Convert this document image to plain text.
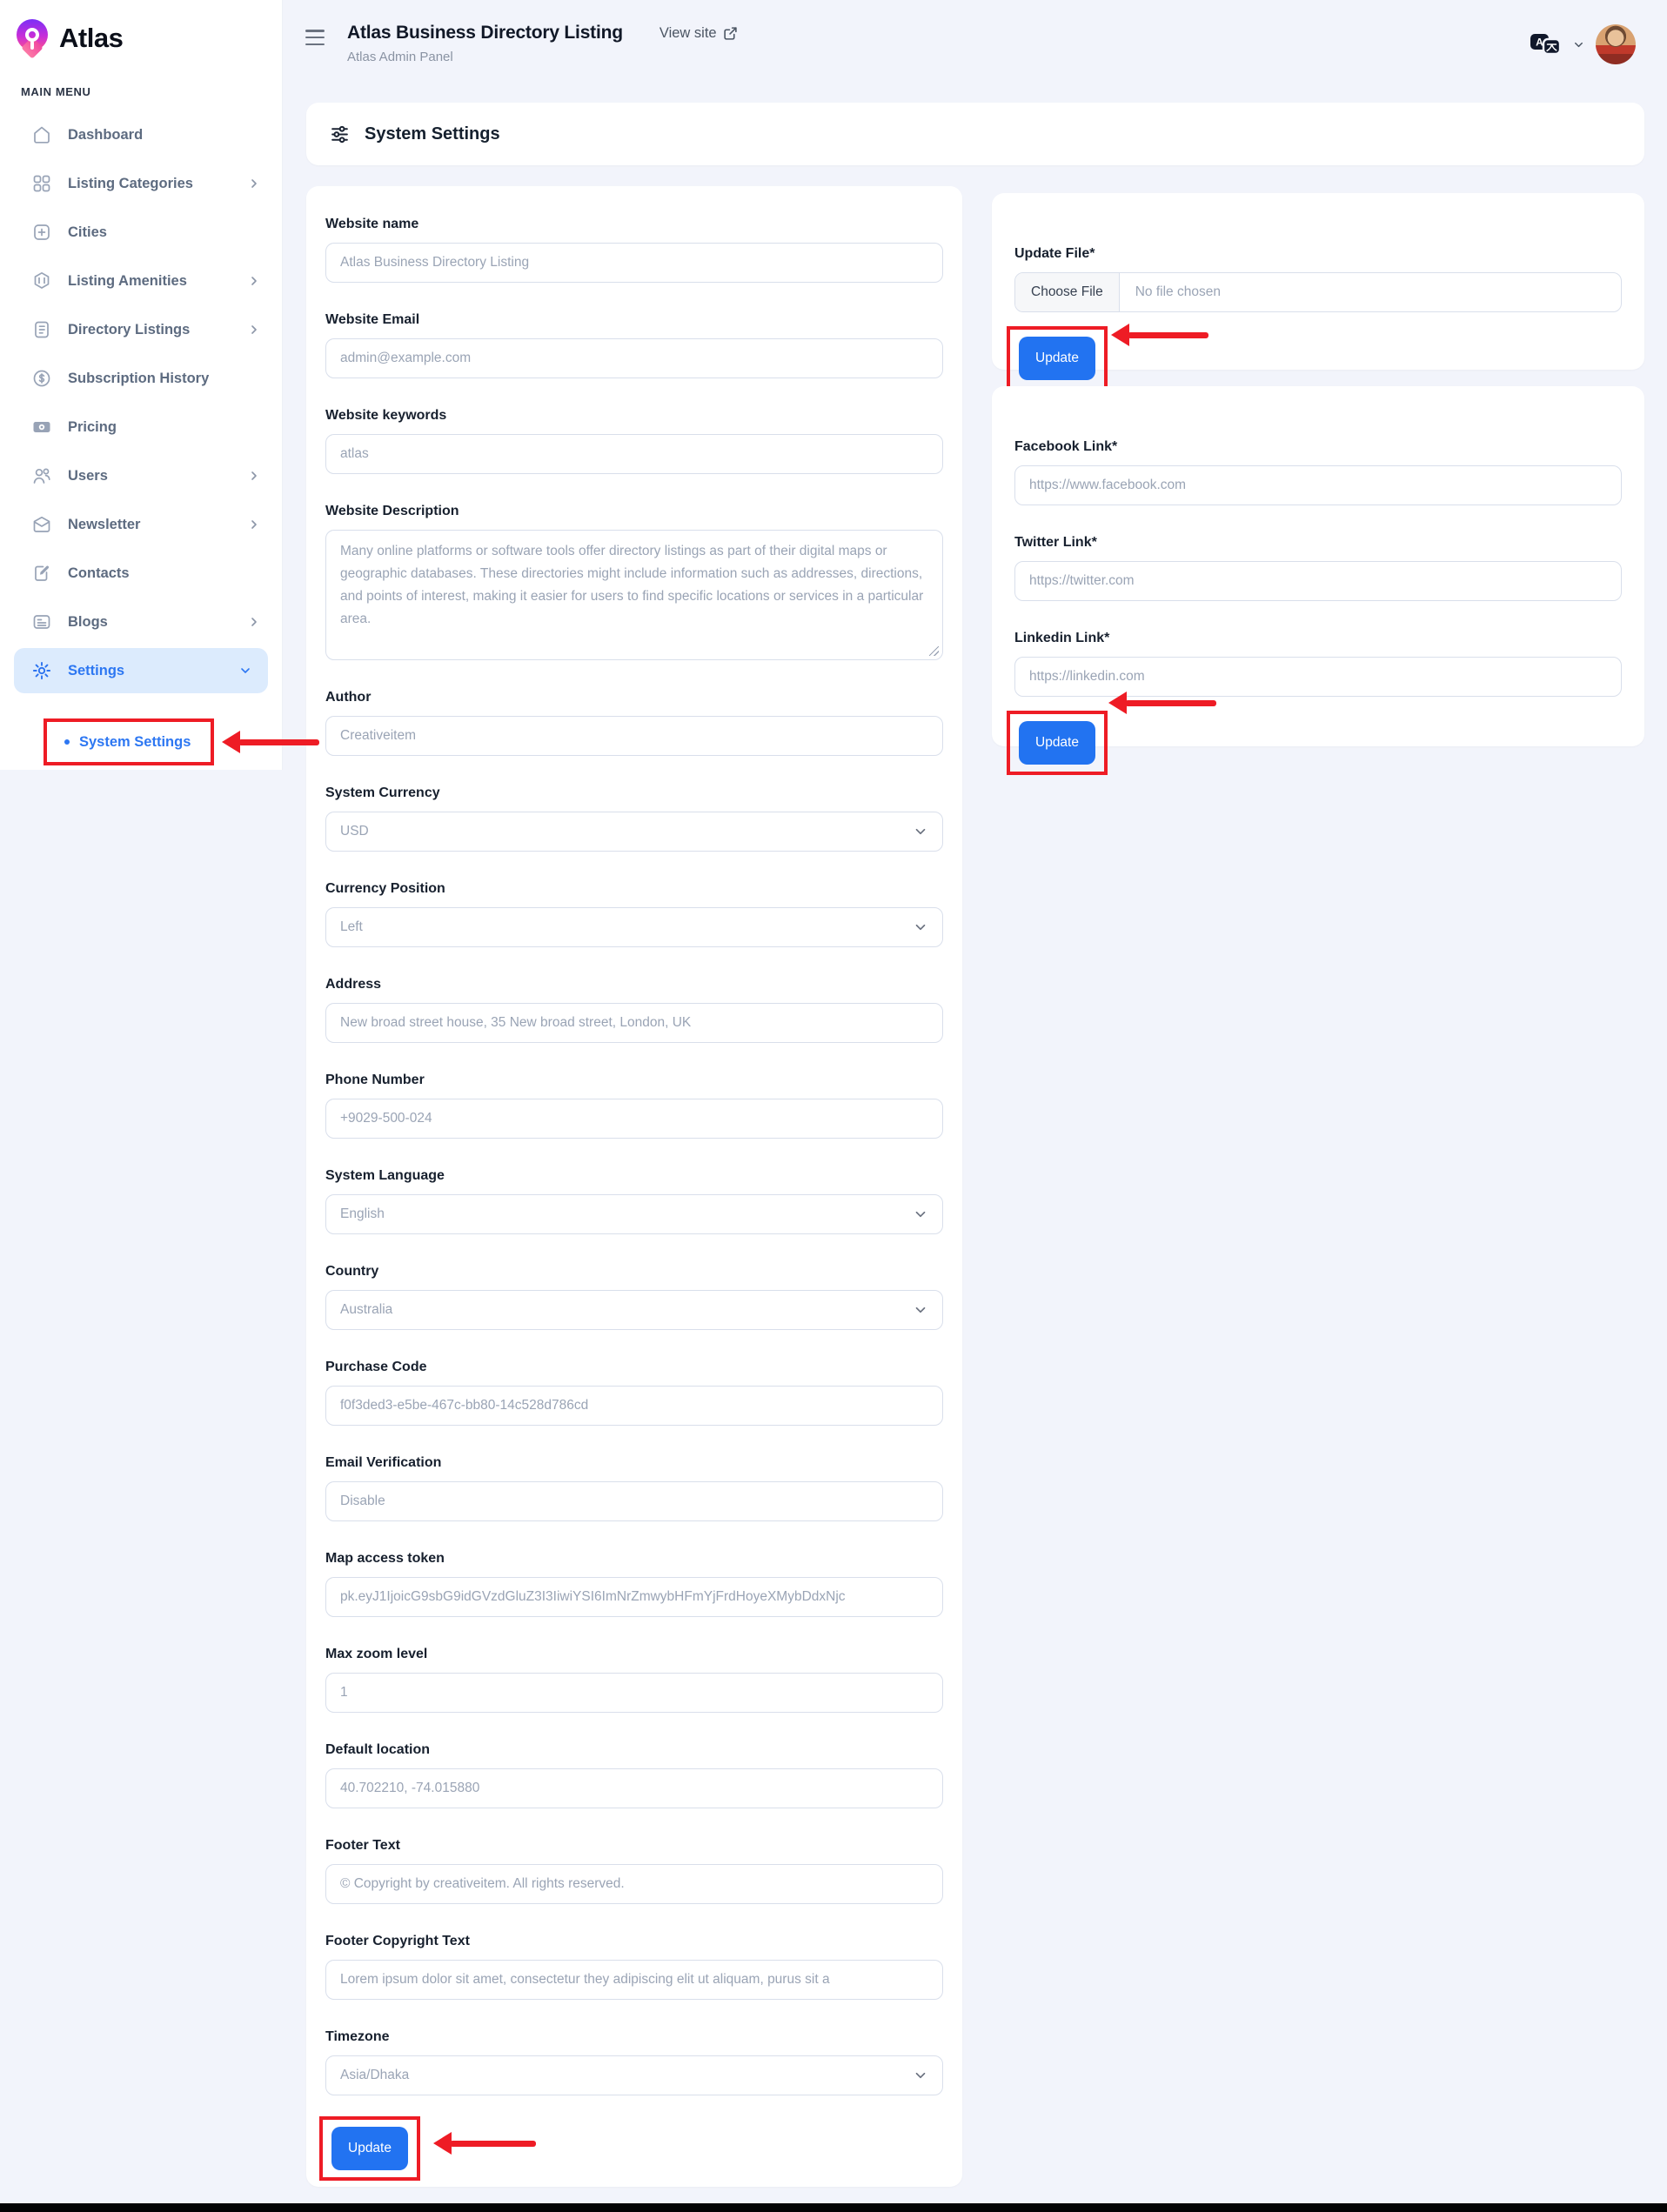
Atlas
MAIN MENU
Dashboard
Listing Categories
Cities
Listing Amenities
Directory Listings
Subscription History
Pricing
Users
Newsletter
Contacts
Blogs
Settings
System Settings
Atlas Business Directory Listing
Atlas Admin Panel
View site
A
System Settings
Website name
Atlas Business Directory Listing
Website Email
admin@example.com
Website keywords
atlas
Website Description
Many online platforms or software tools offer directory listings as part of their digital maps or geographic databases. These directories might include information such as addresses, directions, and points of interest, making it easier for users to find specific locations or services in a particular area.
Author
Creativeitem
System Currency
USD
Currency Position
Left
Address
New broad street house, 35 New broad street, London, UK
Phone Number
+9029-500-024
System Language
English
Country
Australia
Purchase Code
f0f3ded3-e5be-467c-bb80-14c528d786cd
Email Verification
Disable
Map access token
pk.eyJ1IjoicG9sbG9idGVzdGluZ3I3IiwiYSI6ImNrZmwybHFmYjFrdHoyeXMybDdxNjc
Max zoom level
1
Default location
40.702210, -74.015880
Footer Text
© Copyright by creativeitem. All rights reserved.
Footer Copyright Text
Lorem ipsum dolor sit amet, consectetur they adipiscing elit ut aliquam, purus sit a
Timezone
Asia/Dhaka
Update
Update File*
Choose File	No file chosen
Update
Facebook Link*
https://www.facebook.com
Twitter Link*
https://twitter.com
Linkedin Link*
https://linkedin.com
Update
